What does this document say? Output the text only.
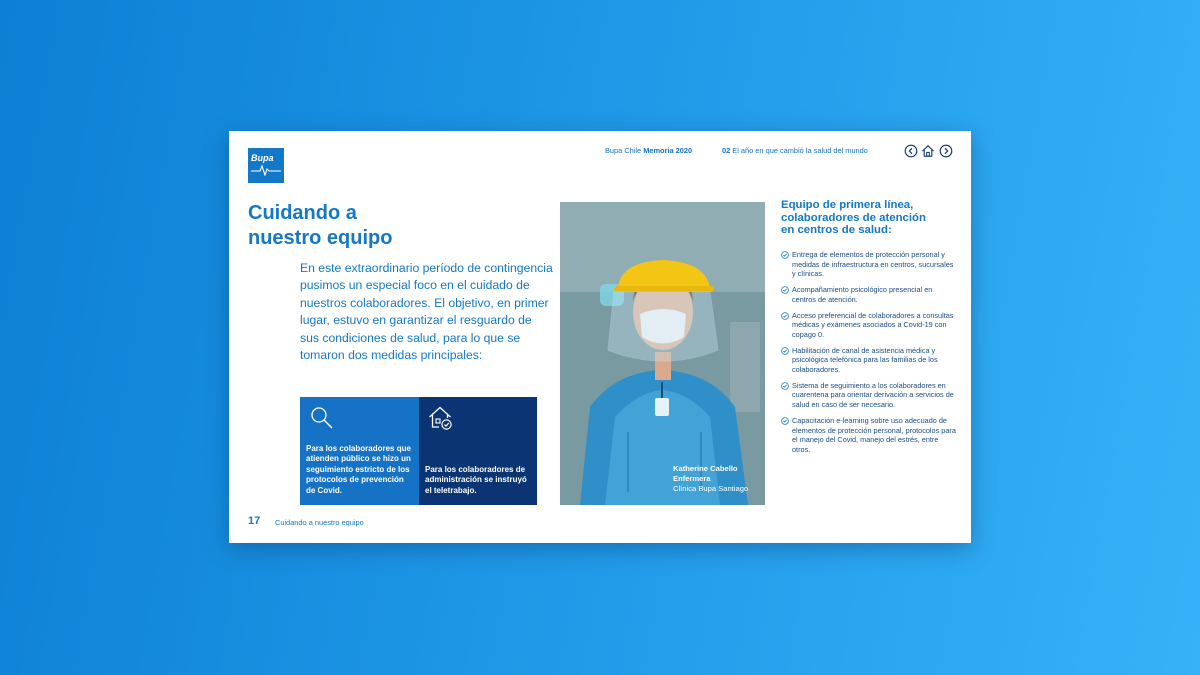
Bupa
Bupa Chile Memoria 2020	02 El año en que cambió la salud del mundo
Cuidando a
nuestro equipo

En este extraordinario período de contingencia pusimos un especial foco en el cuidado de nuestros colaboradores. El objetivo, en primer lugar, estuvo en garantizar el resguardo de sus condiciones de salud, para lo que se tomaron dos medidas principales:

Para los colaboradores que atienden público se hizo un seguimiento estricto de los protocolos de prevención de Covid.
Para los colaboradores de administración se instruyó el teletrabajo.
Katherine Cabello
Enfermera
Clínica Bupa Santiago
Equipo de primera línea,
colaboradores de atención
en centros de salud:
Entrega de elementos de protección personal y medidas de infraestructura en centros, sucursales y clínicas.
Acompañamiento psicológico presencial en centros de atención.
Acceso preferencial de colaboradores a consultas médicas y exámenes asociados a Covid-19 con copago 0.
Habilitación de canal de asistencia médica y psicológica telefónica para las familias de los colaboradores.
Sistema de seguimiento a los colaboradores en cuarentena para orientar derivación a servicios de salud en caso de ser necesario.
Capacitación e-learning sobre uso adecuado de elementos de protección personal, protocolos para el manejo del Covid, manejo del estrés, entre otros.
17 Cuidando a nuestro equipo
